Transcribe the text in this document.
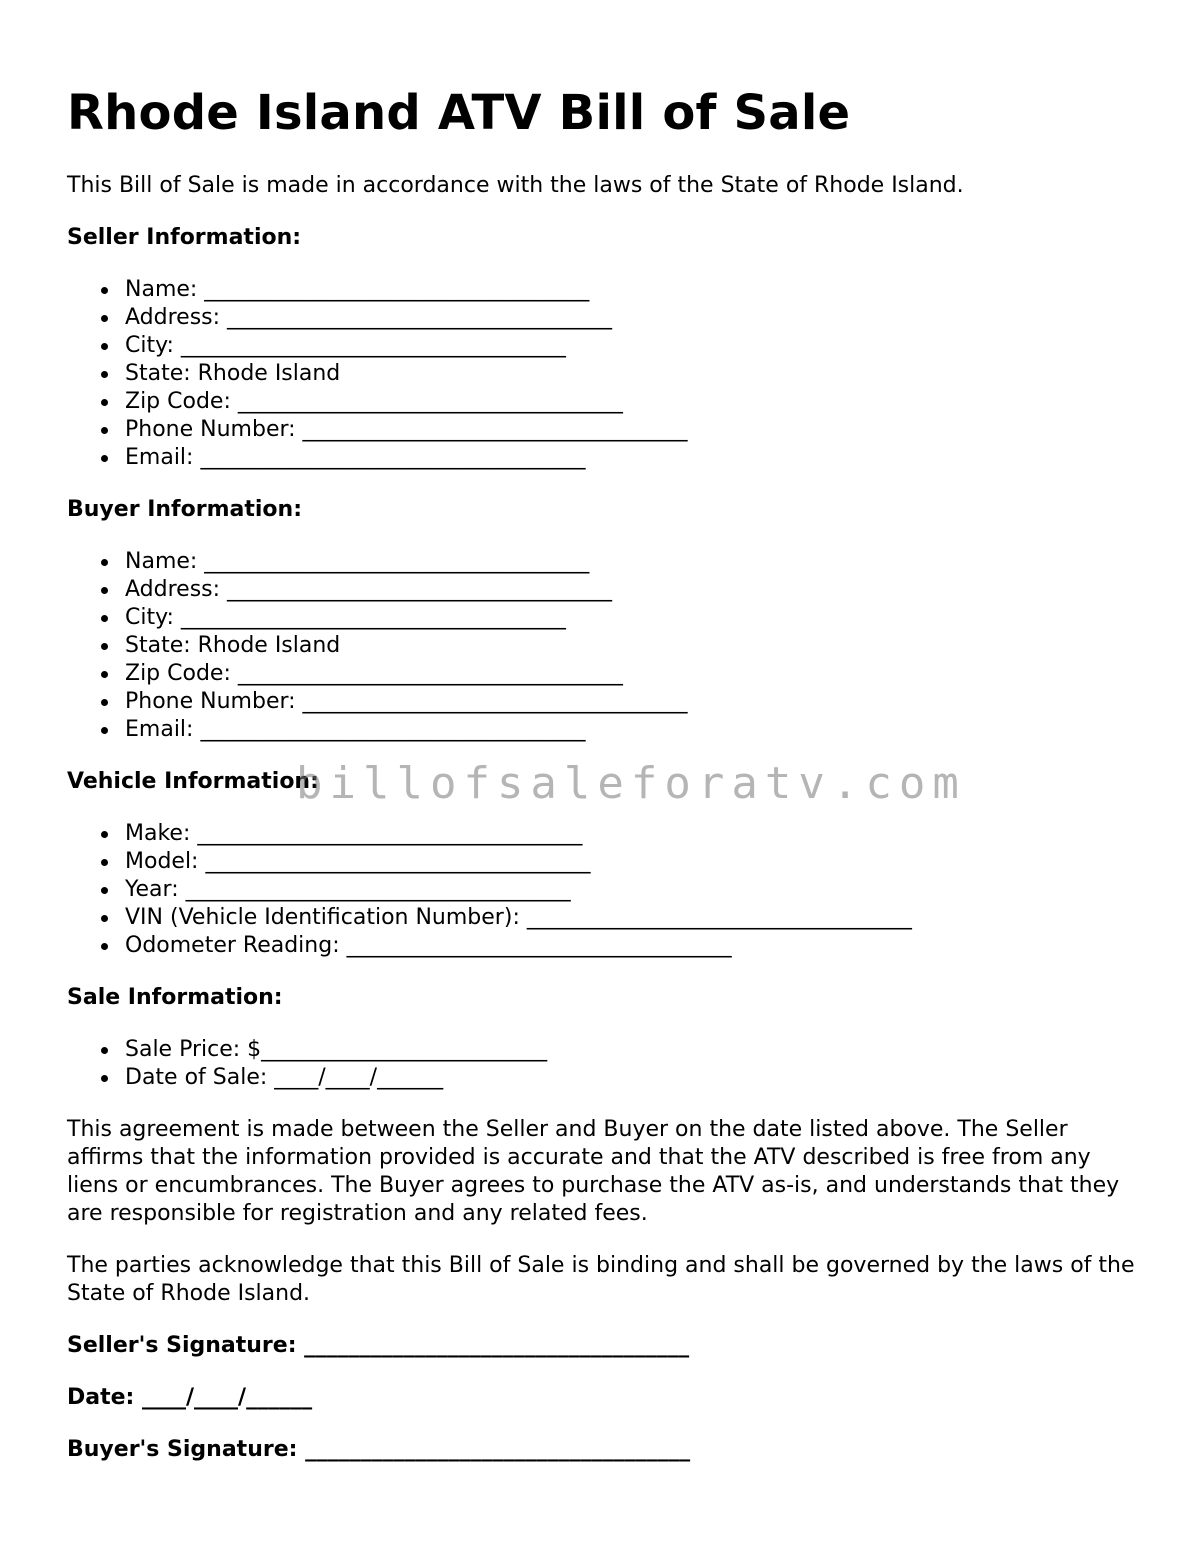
Rhode Island ATV Bill of Sale

This Bill of Sale is made in accordance with the laws of the State of Rhode Island.

Seller Information:
Name: ___________________________________
Address: ___________________________________
City: ___________________________________
State: Rhode Island
Zip Code: ___________________________________
Phone Number: ___________________________________
Email: ___________________________________
Buyer Information:
Name: ___________________________________
Address: ___________________________________
City: ___________________________________
State: Rhode Island
Zip Code: ___________________________________
Phone Number: ___________________________________
Email: ___________________________________
Vehicle Information:
Make: ___________________________________
Model: ___________________________________
Year: ___________________________________
VIN (Vehicle Identification Number): ___________________________________
Odometer Reading: ___________________________________
Sale Information:
Sale Price: $__________________________
Date of Sale: ____/____/______

This agreement is made between the Seller and Buyer on the date listed above. The Seller affirms that the information provided is accurate and that the ATV described is free from any liens or encumbrances. The Buyer agrees to purchase the ATV as-is, and understands that they are responsible for registration and any related fees.

The parties acknowledge that this Bill of Sale is binding and shall be governed by the laws of the State of Rhode Island.

Seller's Signature: ___________________________________
Date: ____/____/______
Buyer's Signature: ___________________________________
billofsaleforatv.com
